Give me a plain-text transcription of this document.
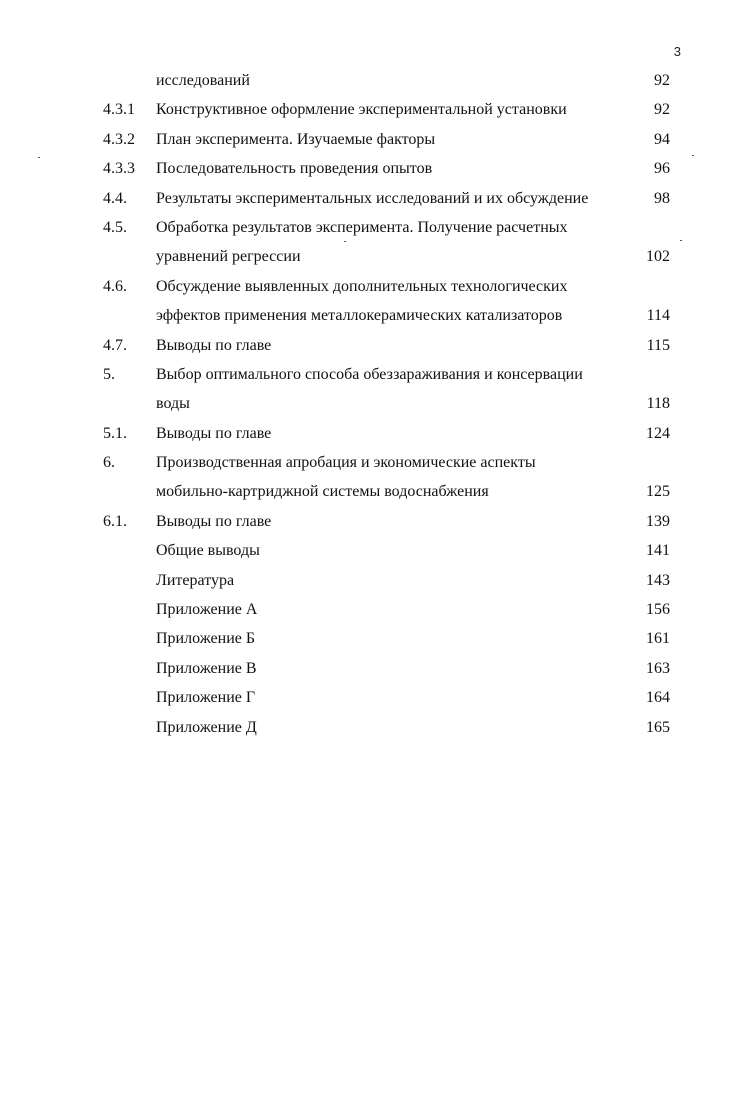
3
исследований	92
4.3.1	Конструктивное оформление экспериментальной установки	92
4.3.2	План эксперимента. Изучаемые факторы	94
4.3.3	Последовательность проведения опытов	96
4.4.	Результаты экспериментальных исследований и их обсуждение	98
4.5.	Обработка результатов эксперимента. Получение расчетных
уравнений регрессии	102
4.6.	Обсуждение выявленных дополнительных технологических
эффектов применения металлокерамических катализаторов	114
4.7.	Выводы по главе	115
5.	Выбор оптимального способа обеззараживания и консервации
воды	118
5.1.	Выводы по главе	124
6.	Производственная апробация и экономические аспекты
мобильно-картриджной системы водоснабжения	125
6.1.	Выводы по главе	139
Общие выводы	141
Литература	143
Приложение А	156
Приложение Б	161
Приложение В	163
Приложение Г	164
Приложение Д	165
